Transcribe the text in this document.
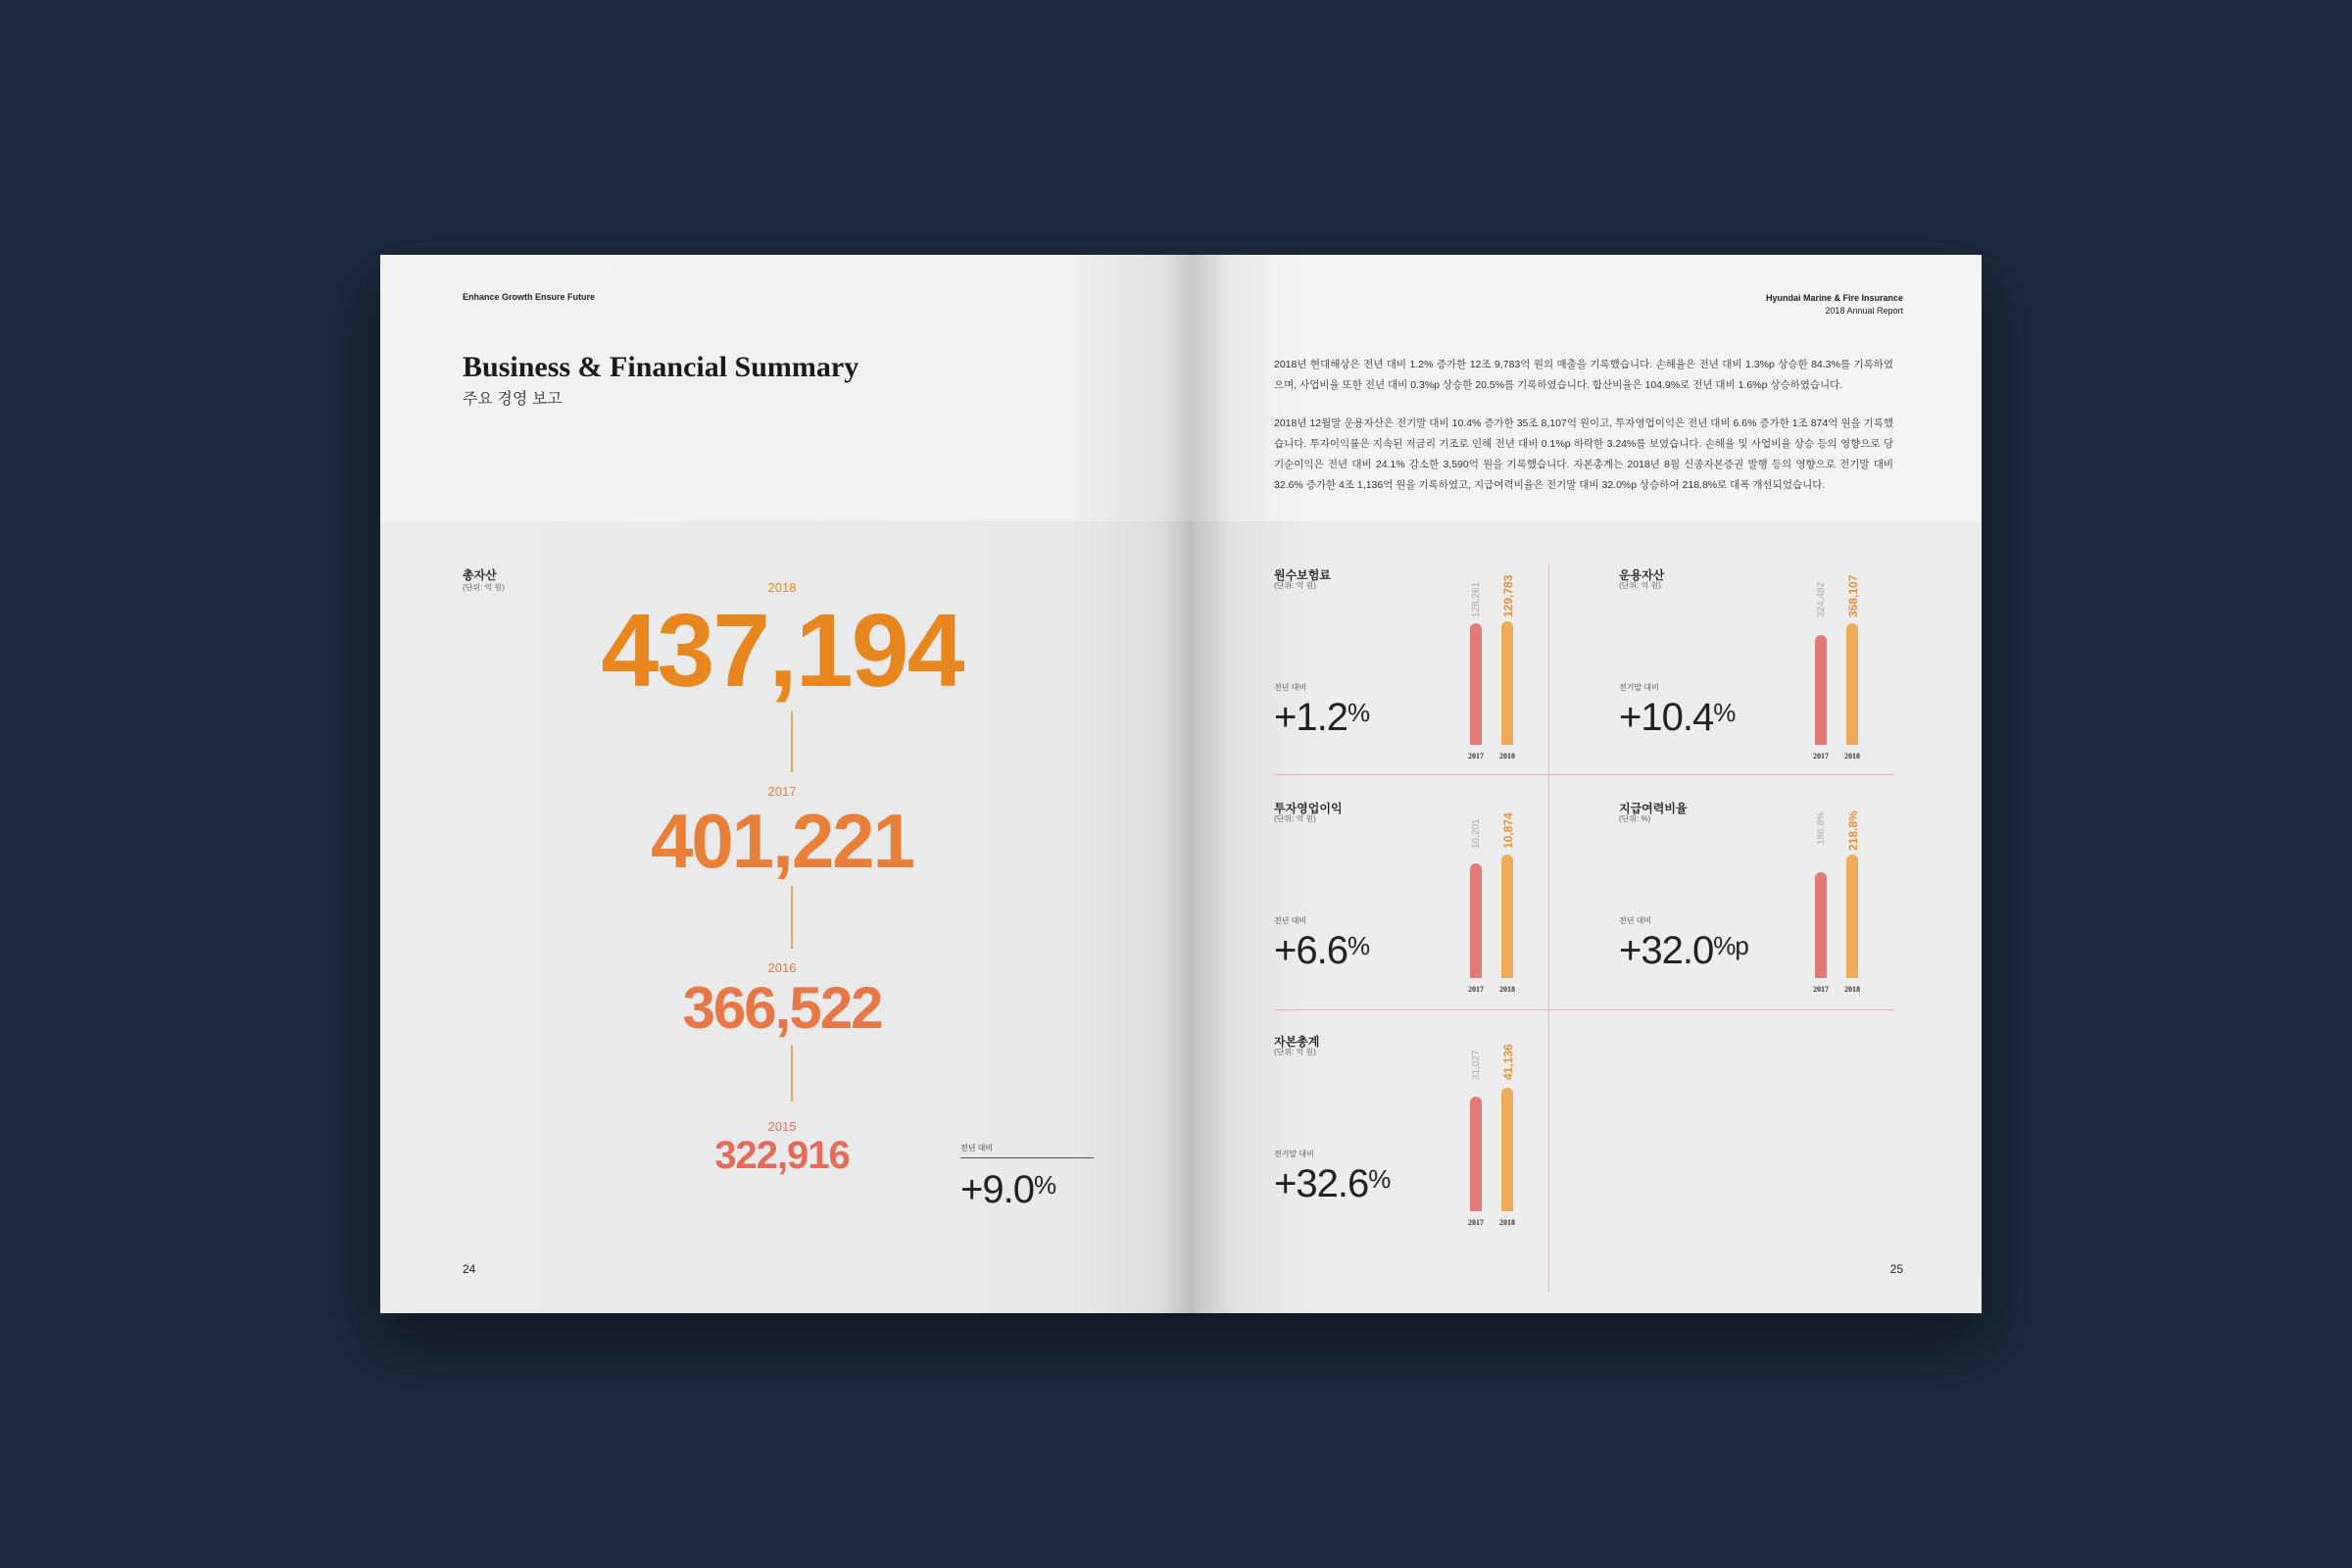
Enhance Growth Ensure Future
Business & Financial Summary
주요 경영 보고
총자산
(단위: 억 원)	2018
437,194
2017
401,221
2016
366,522
2015
322,916	전년 대비
+9.0%
24
Hyundai Marine & Fire Insurance
2018 Annual Report
2018년 현대해상은 전년 대비 1.2% 증가한 12조 9,783억 원의 매출을 기록했습니다. 손해율은 전년 대비 1.3%p 상승한 84.3%를 기록하였으며, 사업비율 또한 전년 대비 0.3%p 상승한 20.5%를 기록하였습니다. 합산비율은 104.9%로 전년 대비 1.6%p 상승하였습니다.
2018년 12월말 운용자산은 전기말 대비 10.4% 증가한 35조 8,107억 원이고, 투자영업이익은 전년 대비 6.6% 증가한 1조 874억 원을 기록했습니다. 투자이익률은 지속된 저금리 기조로 인해 전년 대비 0.1%p 하락한 3.24%를 보였습니다. 손해율 및 사업비율 상승 등의 영향으로 당기순이익은 전년 대비 24.1% 감소한 3,590억 원을 기록했습니다. 자본총계는 2018년 8월 신종자본증권 발행 등의 영향으로 전기말 대비 32.6% 증가한 4조 1,136억 원을 기록하였고, 지급여력비율은 전기말 대비 32.0%p 상승하여 218.8%로 대폭 개선되었습니다.
원수보험료
(단위: 억 원)
전년 대비
+1.2%
128,261 129,783
2017	2018
운용자산
(단위: 억 원)
전기말 대비
+10.4%
324,482 358,107
2017	2018
투자영업이익
(단위: 억 원)
전년 대비
+6.6%
10,201 10,874
2017	2018
지급여력비율
(단위: %)
전년 대비
$+32.0^{\%p}$
186.8% 218.8%
2017	2018
자본총계
(단위: 억 원)
전기말 대비
+32.6%
31,027 41,136
2017	2018
25
